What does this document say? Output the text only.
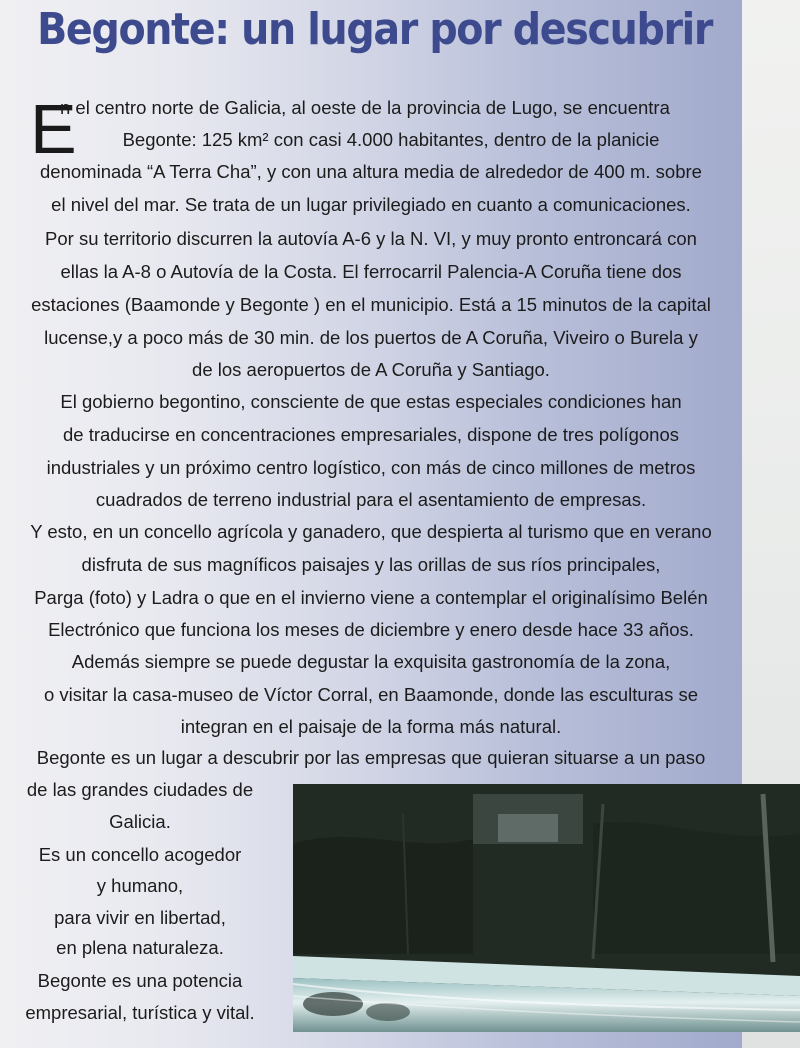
Begonte: un lugar por descubrir
E
n el centro norte de Galicia, al oeste de la provincia de Lugo, se encuentra
Begonte: 125 km² con casi 4.000 habitantes, dentro de la planicie
denominada “A Terra Cha”, y con una altura media de alrededor de 400 m. sobre
el nivel del mar. Se trata de un lugar privilegiado en cuanto a comunicaciones.
Por su territorio discurren la autovía A-6 y la N. VI, y muy pronto entroncará con
ellas la A-8 o Autovía de la Costa. El ferrocarril Palencia-A Coruña tiene dos
estaciones (Baamonde y Begonte ) en el municipio. Está a 15 minutos de la capital
lucense,y a poco más de 30 min. de los puertos de A Coruña, Viveiro o Burela y
de los aeropuertos de A Coruña y Santiago.
El gobierno begontino, consciente de que estas especiales condiciones han
de traducirse en concentraciones empresariales, dispone de tres polígonos
industriales y un próximo centro logístico, con más de cinco millones de metros
cuadrados de terreno industrial para el asentamiento de empresas.
Y esto, en un concello agrícola y ganadero, que despierta al turismo que en verano
disfruta de sus magníficos paisajes y las orillas de sus ríos principales,
Parga (foto) y Ladra o que en el invierno viene a contemplar el originalísimo Belén
Electrónico que funciona los meses de diciembre y enero desde hace 33 años.
Además siempre se puede degustar la exquisita gastronomía de la zona,
o visitar la casa-museo de Víctor Corral, en Baamonde, donde las esculturas se
integran en el paisaje de la forma más natural.
Begonte es un lugar a descubrir por las empresas que quieran situarse a un paso
de las grandes ciudades de
Galicia.
Es un concello acogedor
y humano,
para vivir en libertad,
en plena naturaleza.
Begonte es una potencia
empresarial, turística y vital.
